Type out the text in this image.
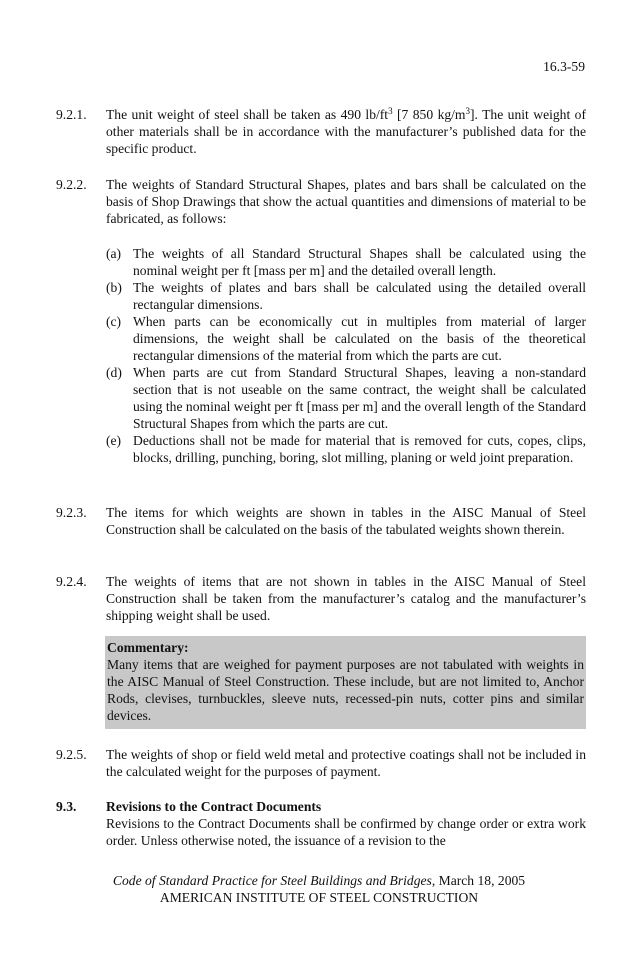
16.3-59
9.2.1. The unit weight of steel shall be taken as 490 $lb/ft^3$ [7 850 $kg/m^3$]. The unit weight of other materials shall be in accordance with the manufacturer’s published data for the specific product.
9.2.2. The weights of Standard Structural Shapes, plates and bars shall be calculated on the basis of Shop Drawings that show the actual quantities and dimensions of material to be fabricated, as follows:
(a) The weights of all Standard Structural Shapes shall be calculated using the nominal weight per ft [mass per m] and the detailed overall length.
(b) The weights of plates and bars shall be calculated using the detailed overall rectangular dimensions.
(c) When parts can be economically cut in multiples from material of larger dimensions, the weight shall be calculated on the basis of the theoretical rectangular dimensions of the material from which the parts are cut.
(d) When parts are cut from Standard Structural Shapes, leaving a non-standard section that is not useable on the same contract, the weight shall be calculated using the nominal weight per ft [mass per m] and the overall length of the Standard Structural Shapes from which the parts are cut.
(e) Deductions shall not be made for material that is removed for cuts, copes, clips, blocks, drilling, punching, boring, slot milling, planing or weld joint preparation.
9.2.3. The items for which weights are shown in tables in the AISC Manual of Steel Construction shall be calculated on the basis of the tabulated weights shown therein.
9.2.4. The weights of items that are not shown in tables in the AISC Manual of Steel Construction shall be taken from the manufacturer’s catalog and the manufacturer’s shipping weight shall be used.
Commentary:
Many items that are weighed for payment purposes are not tabulated with weights in the AISC Manual of Steel Construction. These include, but are not limited to, Anchor Rods, clevises, turnbuckles, sleeve nuts, recessed-pin nuts, cotter pins and similar devices.
9.2.5. The weights of shop or field weld metal and protective coatings shall not be included in the calculated weight for the purposes of payment.
9.3. Revisions to the Contract Documents
Revisions to the Contract Documents shall be confirmed by change order or extra work order. Unless otherwise noted, the issuance of a revision to the
Code of Standard Practice for Steel Buildings and Bridges, March 18, 2005
AMERICAN INSTITUTE OF STEEL CONSTRUCTION
